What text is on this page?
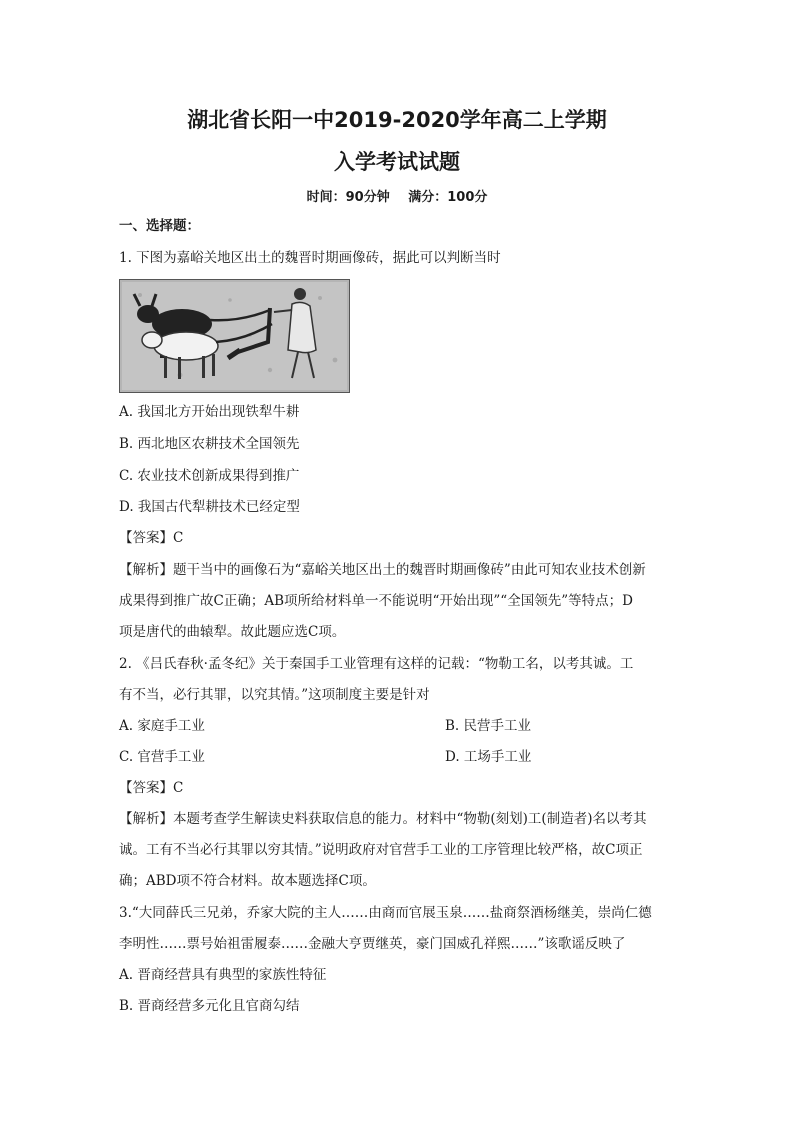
湖北省长阳一中2019-2020学年高二上学期
入学考试试题
时间：90分钟 满分：100分
一、选择题：
1. 下图为嘉峪关地区出土的魏晋时期画像砖，据此可以判断当时
A. 我国北方开始出现铁犁牛耕
B. 西北地区农耕技术全国领先
C. 农业技术创新成果得到推广
D. 我国古代犁耕技术已经定型
【答案】C
【解析】题干当中的画像石为“嘉峪关地区出土的魏晋时期画像砖”由此可知农业技术创新
成果得到推广故C正确；AB项所给材料单一不能说明“开始出现”“全国领先”等特点；D
项是唐代的曲辕犁。故此题应选C项。
2. 《吕氏春秋·孟冬纪》关于秦国手工业管理有这样的记载：“物勒工名，以考其诚。工
有不当，必行其罪，以究其情。”这项制度主要是针对
A. 家庭手工业	B. 民营手工业
C. 官营手工业	D. 工场手工业
【答案】C
【解析】本题考查学生解读史料获取信息的能力。材料中“物勒(刻划)工(制造者)名以考其
诚。工有不当必行其罪以穷其情。”说明政府对官营手工业的工序管理比较严格，故C项正
确；ABD项不符合材料。故本题选择C项。
3.“大同薛氏三兄弟，乔家大院的主人……由商而官展玉泉……盐商祭酒杨继美，崇尚仁德
李明性……票号始祖雷履泰……金融大亨贾继英，豪门国威孔祥熙……”该歌谣反映了
A. 晋商经营具有典型的家族性特征
B. 晋商经营多元化且官商勾结
